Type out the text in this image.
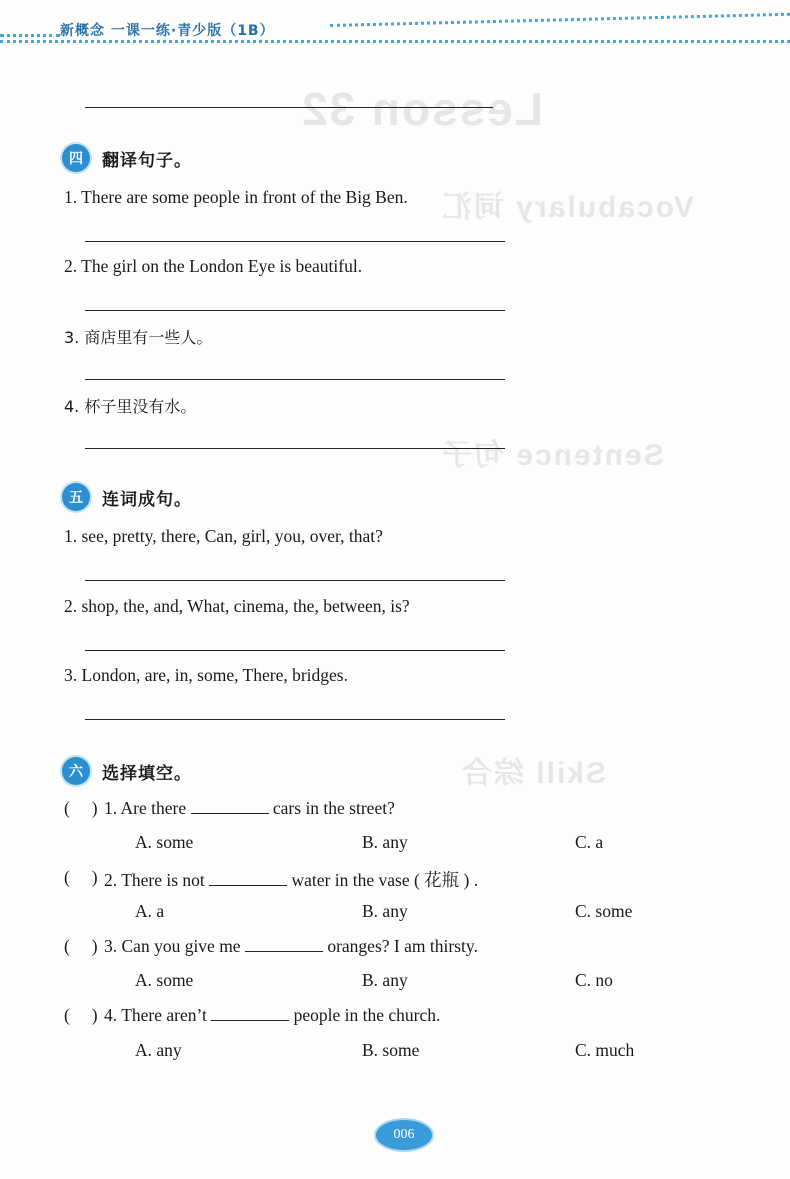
Lesson 32
Vocabulary 词汇
Sentence 句子
Skill 综合
新概念 一课一练·青少版（1B）
四	翻译句子。
1. There are some people in front of the Big Ben.
2. The girl on the London Eye is beautiful.
3. 商店里有一些人。
4. 杯子里没有水。
五	连词成句。
1. see, pretty, there, Can, girl, you, over, that?
2. shop, the, and, What, cinema, the, between, is?
3. London, are, in, some, There, bridges.
六	选择填空。
(     ) 1. Are there	cars in the street?
A. some	B. any	C. a
(     ) 2. There is not	water in the vase ( 花瓶 ) .
A. a	B. any	C. some
(     ) 3. Can you give me	oranges? I am thirsty.
A. some	B. any	C. no
(     ) 4. There aren’t	people in the church.
A. any	B. some	C. much
006
